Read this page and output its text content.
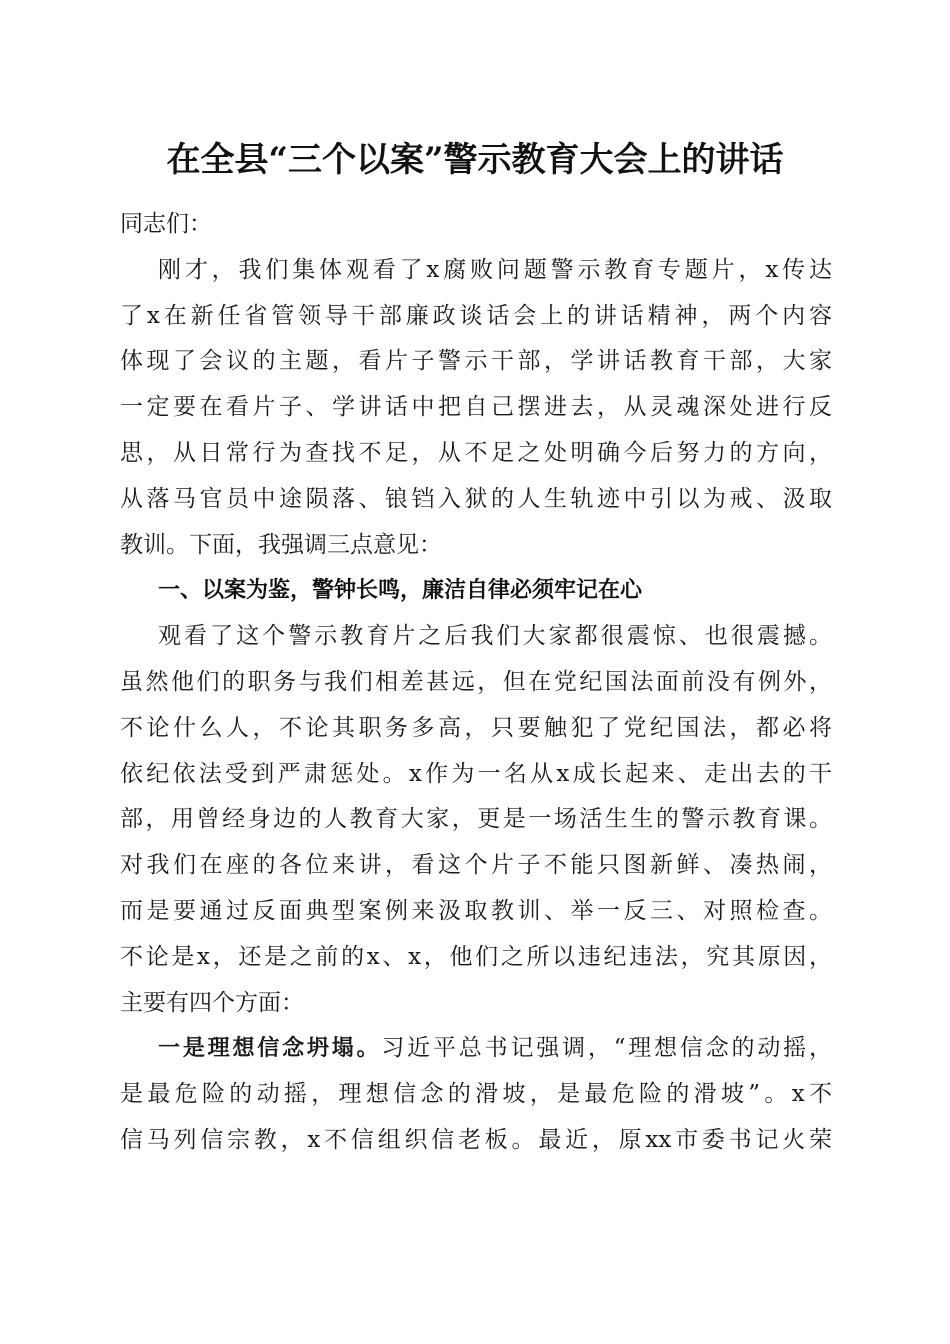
在全县“三个以案”警示教育大会上的讲话
同志们：
刚才，我们集体观看了x腐败问题警示教育专题片，x传达
了x在新任省管领导干部廉政谈话会上的讲话精神，两个内容
体现了会议的主题，看片子警示干部，学讲话教育干部，大家
一定要在看片子、学讲话中把自己摆进去，从灵魂深处进行反
思，从日常行为查找不足，从不足之处明确今后努力的方向，
从落马官员中途陨落、锒铛入狱的人生轨迹中引以为戒、汲取
教训。下面，我强调三点意见：
一、以案为鉴，警钟长鸣，廉洁自律必须牢记在心
观看了这个警示教育片之后我们大家都很震惊、也很震撼。
虽然他们的职务与我们相差甚远，但在党纪国法面前没有例外，
不论什么人，不论其职务多高，只要触犯了党纪国法，都必将
依纪依法受到严肃惩处。x作为一名从x成长起来、走出去的干
部，用曾经身边的人教育大家，更是一场活生生的警示教育课。
对我们在座的各位来讲，看这个片子不能只图新鲜、凑热闹，
而是要通过反面典型案例来汲取教训、举一反三、对照检查。
不论是x，还是之前的x、x，他们之所以违纪违法，究其原因，
主要有四个方面：
一是理想信念坍塌。习近平总书记强调，“理想信念的动摇，
是最危险的动摇，理想信念的滑坡，是最危险的滑坡”。x不
信马列信宗教，x不信组织信老板。最近，原xx市委书记火荣
